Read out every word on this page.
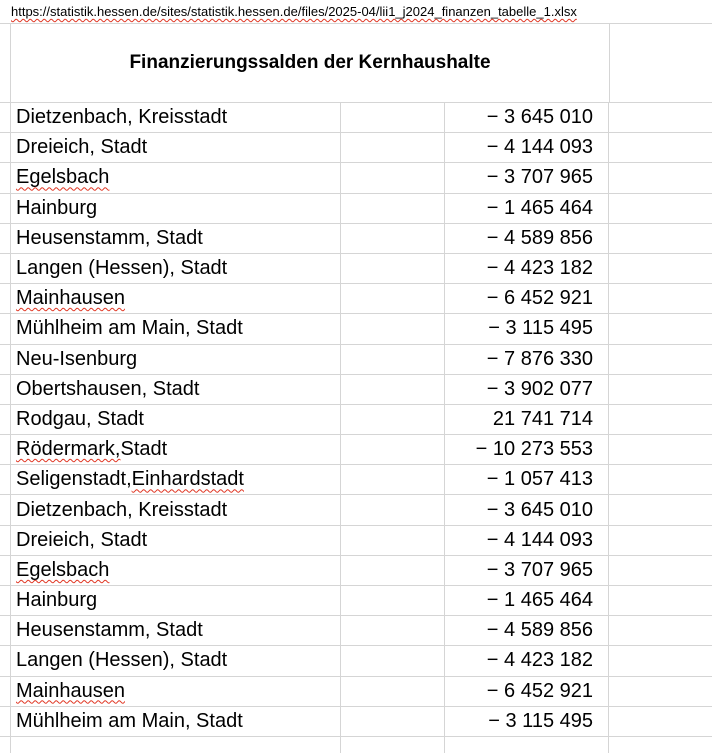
https://statistik.hessen.de/sites/statistik.hessen.de/files/2025-04/lii1_j2024_finanzen_tabelle_1.xlsx
Finanzierungssalden der Kernhaushalte
Dietzenbach, Kreisstadt	− 3 645 010
Dreieich, Stadt	− 4 144 093
Egelsbach	− 3 707 965
Hainburg	− 1 465 464
Heusenstamm, Stadt	− 4 589 856
Langen (Hessen), Stadt	− 4 423 182
Mainhausen	− 6 452 921
Mühlheim am Main, Stadt	− 3 115 495
Neu-Isenburg	− 7 876 330
Obertshausen, Stadt	− 3 902 077
Rodgau, Stadt	21 741 714
Rödermark, Stadt	− 10 273 553
Seligenstadt, Einhardstadt	− 1 057 413
Dietzenbach, Kreisstadt	− 3 645 010
Dreieich, Stadt	− 4 144 093
Egelsbach	− 3 707 965
Hainburg	− 1 465 464
Heusenstamm, Stadt	− 4 589 856
Langen (Hessen), Stadt	− 4 423 182
Mainhausen	− 6 452 921
Mühlheim am Main, Stadt	− 3 115 495
